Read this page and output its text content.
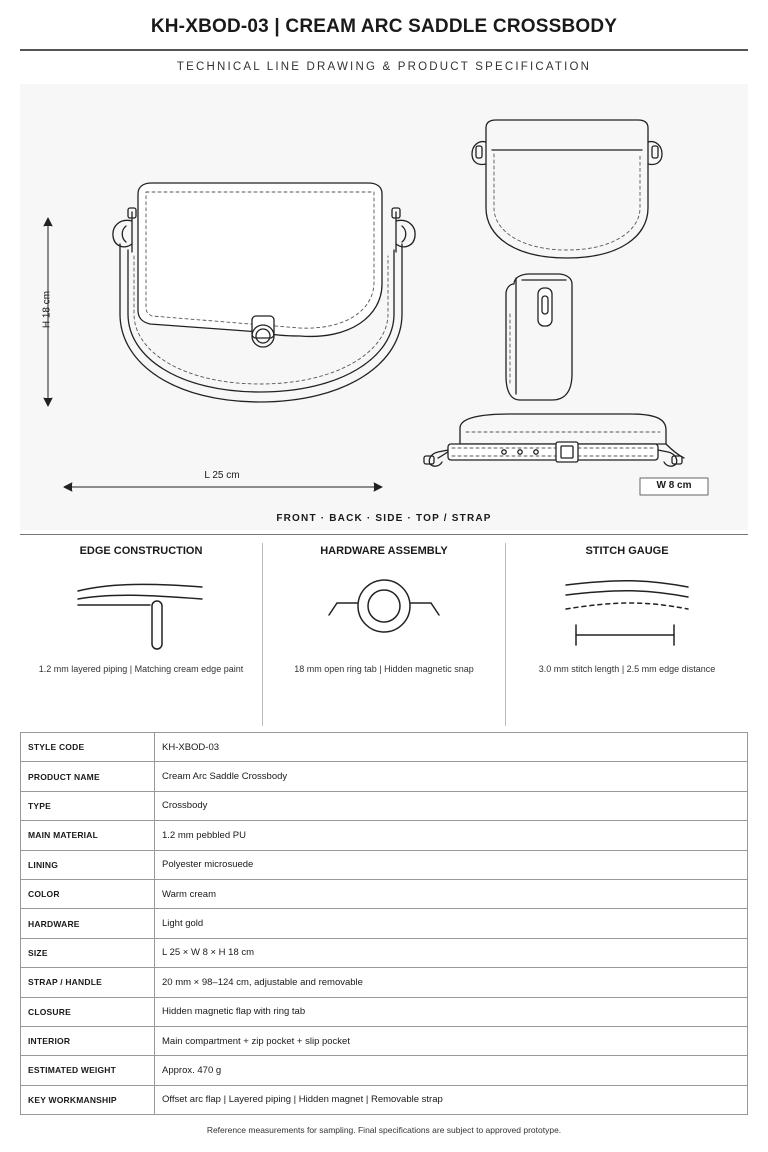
KH-XBOD-03 | CREAM ARC SADDLE CROSSBODY
TECHNICAL LINE DRAWING & PRODUCT SPECIFICATION
H 18 cm
L 25 cm
W 8 cm
FRONT · BACK · SIDE · TOP / STRAP
EDGE CONSTRUCTION
1.2 mm layered piping | Matching cream edge paint
HARDWARE ASSEMBLY
18 mm open ring tab | Hidden magnetic snap
STITCH GAUGE
3.0 mm stitch length | 2.5 mm edge distance
STYLE CODE	KH-XBOD-03
PRODUCT NAME	Cream Arc Saddle Crossbody
TYPE	Crossbody
MAIN MATERIAL	1.2 mm pebbled PU
LINING	Polyester microsuede
COLOR	Warm cream
HARDWARE	Light gold
SIZE	L 25 × W 8 × H 18 cm
STRAP / HANDLE	20 mm × 98–124 cm, adjustable and removable
CLOSURE	Hidden magnetic flap with ring tab
INTERIOR	Main compartment + zip pocket + slip pocket
ESTIMATED WEIGHT	Approx. 470 g
KEY WORKMANSHIP	Offset arc flap | Layered piping | Hidden magnet | Removable strap
Reference measurements for sampling. Final specifications are subject to approved prototype.
